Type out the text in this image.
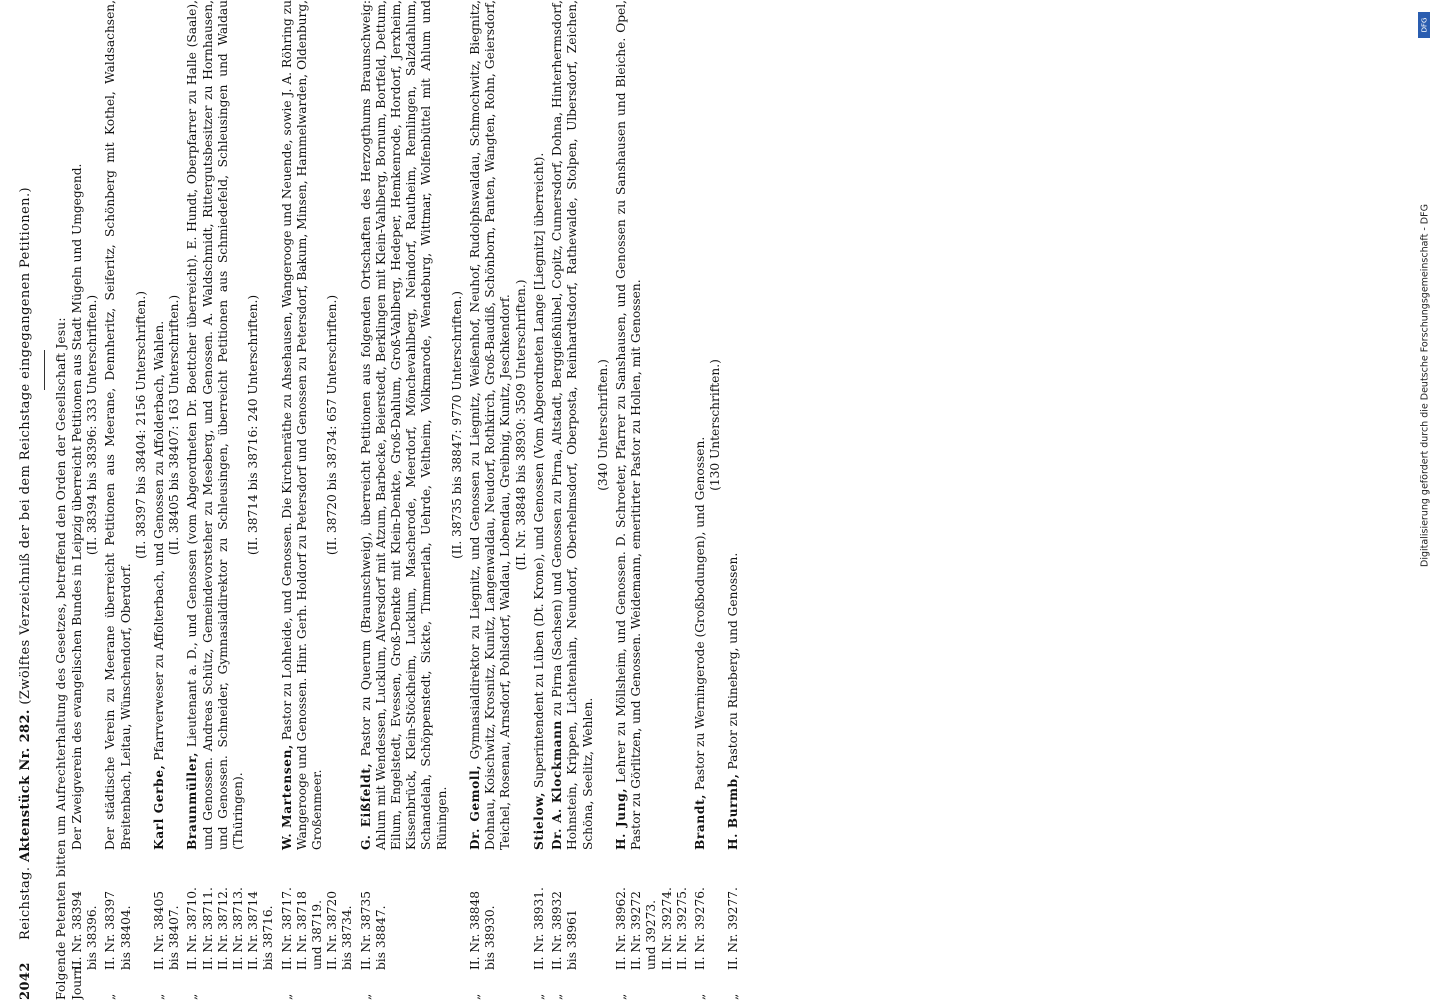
2042
Reichstag. Aktenstück Nr. 282. (Zwölftes Verzeichniß der bei dem Reichstage eingegangenen Petitionen.) Folgende Petenten bitten um Aufrechterhaltung des Gesetzes, betreffend den Orden der Gesellschaft Jesu: Journ.
II. Nr. 38394
bis 38396.
Der Zweigverein des evangelischen Bundes in Leipzig überreicht Petitionen aus Stadt Mügeln und Umgegend. (II. 38394 bis 38396: 333 Unterschriften.)
„
II. Nr. 38397
bis 38404.
Der städtische Verein zu Meerane überreicht Petitionen aus Meerane, Dennheritz, Seiferitz, Schönberg mit Kothel, Waldsachsen, Breitenbach, Leitau, Wünschendorf, Oberdorf.
(II. 38397 bis 38404: 2156 Unterschriften.)
„
II. Nr. 38405
bis 38407.
Karl Gerbe, Pfarrverweser zu Affolterbach, und Genossen zu Affolderbach, Wahlen. (II. 38405 bis 38407: 163 Unterschriften.)
„
II. Nr. 38710.
II. Nr. 38711.
II. Nr. 38712.
II. Nr. 38713.
II. Nr. 38714
bis 38716.
Braunmüller, Lieutenant a. D., und Genossen (vom Abgeordneten Dr. Boettcher überreicht). E. Hundt, Oberpfarrer zu Halle (Saale), und Genossen. Andreas Schütz, Gemeindevorsteher zu Meseberg, und Genossen. A. Waldschmidt, Rittergutsbesitzer zu Hornhausen, und Genossen. Schneider, Gymnasialdirektor zu Schleusingen, überreicht Petitionen aus Schmiedefeld, Schleusingen und Waldau (Thüringen).
(II. 38714 bis 38716: 240 Unterschriften.)
„
II. Nr. 38717.
II. Nr. 38718
und 38719.
II. Nr. 38720
bis 38734.
W. Martensen, Pastor zu Lohheide, und Genossen. Die Kirchenräthe zu Ahsehausen, Wangerooge und Neuende, sowie J. A. Röhring zu Wangerooge und Genossen. Hinr. Gerh. Holdorf zu Petersdorf und Genossen zu Petersdorf, Bakum, Minsen, Hammelwarden, Oldenburg, Großenmeer.
(II. 38720 bis 38734: 657 Unterschriften.)
„
II. Nr. 38735
bis 38847.
G. Eißfeldt, Pastor zu Querum (Braunschweig), überreicht Petitionen aus folgenden Ortschaften des Herzogthums Braunschweig: Ahlum mit Wendessen, Lucklum, Alversdorf mit Atzum, Barbecke, Beierstedt, Berklingen mit Klein-Vahlberg, Bornum, Bortfeld, Dettum, Eilum, Engelstedt, Evessen, Groß-Denkte mit Klein-Denkte, Groß-Dahlum, Groß-Vahlberg, Hedeper, Hemkenrode, Hordorf, Jerxheim, Kissenbrück, Klein-Stöckheim, Lucklum, Mascherode, Meerdorf, Mönchevahlberg, Neindorf, Rautheim, Remlingen, Salzdahlum, Schandelah, Schöppenstedt, Sickte, Timmerlah, Uehrde, Veltheim, Volkmarode, Wendeburg, Wittmar, Wolfenbüttel mit Ahlum und Rüningen.
(II. 38735 bis 38847: 9770 Unterschriften.)
„
II. Nr. 38848
bis 38930.
Dr. Gemoll, Gymnasialdirektor zu Liegnitz, und Genossen zu Liegnitz, Weißenhof, Neuhof, Rudolphswaldau, Schmochwitz, Biegnitz, Dohnau, Koischwitz, Krosnitz, Kunitz, Langenwaldau, Neudorf, Rothkirch, Groß-Baudiß, Schönborn, Panten, Wangten, Rohn, Geiersdorf, Teichel, Rosenau, Arnsdorf, Pohlsdorf, Waldau, Lobendau, Greibnig, Kunitz, Jeschkendorf. (II. Nr. 38848 bis 38930: 3509 Unterschriften.)
„
II. Nr. 38931.
Stielow, Superintendent zu Lüben (Dt. Krone), und Genossen (Vom Abgeordneten Lange [Liegnitz] überreicht).
„
II. Nr. 38932
bis 38961
Dr. A. Klockmann zu Pirna (Sachsen) und Genossen zu Pirna, Altstadt, Berggießhübel, Copitz, Cunnersdorf, Dohna, Hinterhermsdorf, Hohnstein, Krippen, Lichtenhain, Neundorf, Oberhelmsdorf, Oberposta, Reinhardtsdorf, Rathewalde, Stolpen, Ulbersdorf, Zeichen, Schöna, Seelitz, Wehlen.
(340 Unterschriften.)
„
II. Nr. 38962.
II. Nr. 39272
und 39273.
II. Nr. 39274.
II. Nr. 39275.
H. Jung, Lehrer zu Möllsheim, und Genossen. D. Schroeter, Pfarrer zu Sanshausen, und Genossen zu Sanshausen und Bleiche. Opel, Pastor zu Görlitzen, und Genossen. Weidemann, emeritirter Pastor zu Hollen, mit Genossen.
„
II. Nr. 39276.
Brandt, Pastor zu Werningerode (Großbodungen), und Genossen.
(130 Unterschriften.)
„
II. Nr. 39277.
H. Burmb, Pastor zu Rineberg, und Genossen.
DFG
Digitalisierung gefördert durch die Deutsche Forschungsgemeinschaft - DFG
